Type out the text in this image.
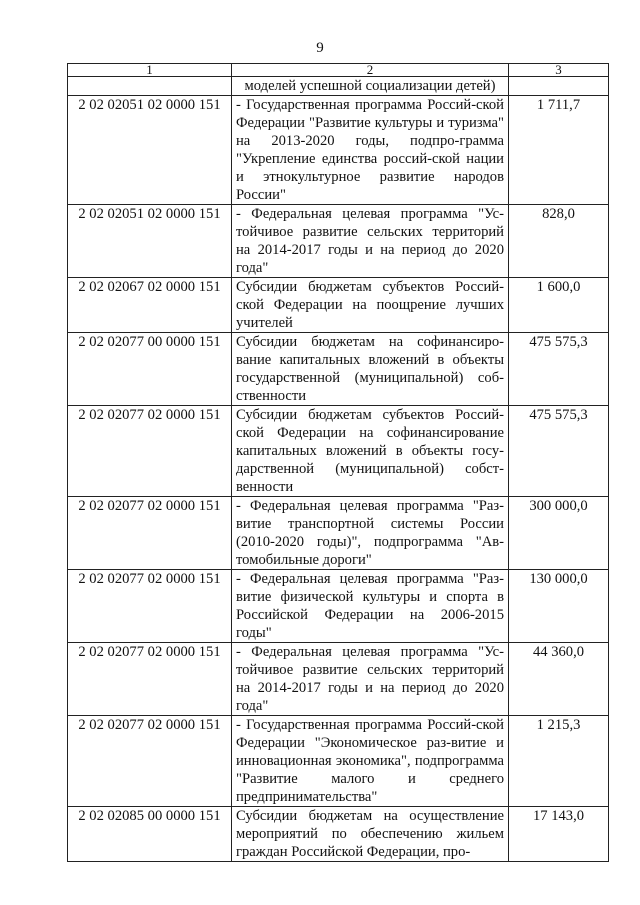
9
1	2	3
	моделей успешной социализации детей)	
2 02 02051 02 0000 151	- Государственная программа Россий-ской Федерации "Развитие культуры и туризма" на 2013-2020 годы, подпро-грамма "Укрепление единства россий-ской нации и этнокультурное развитие народов России"	1 711,7
2 02 02051 02 0000 151	- Федеральная целевая программа "Ус-тойчивое развитие сельских территорий на 2014-2017 годы и на период до 2020 года"	828,0
2 02 02067 02 0000 151	Субсидии бюджетам субъектов Россий-ской Федерации на поощрение лучших учителей	1 600,0
2 02 02077 00 0000 151	Субсидии бюджетам на софинансиро-вание капитальных вложений в объекты государственной (муниципальной) соб-ственности	475 575,3
2 02 02077 02 0000 151	Субсидии бюджетам субъектов Россий-ской Федерации на софинансирование капитальных вложений в объекты госу-дарственной (муниципальной) собст-венности	475 575,3
2 02 02077 02 0000 151	- Федеральная целевая программа "Раз-витие транспортной системы России (2010-2020 годы)", подпрограмма "Ав-томобильные дороги"	300 000,0
2 02 02077 02 0000 151	- Федеральная целевая программа "Раз-витие физической культуры и спорта в Российской Федерации на 2006-2015 годы"	130 000,0
2 02 02077 02 0000 151	- Федеральная целевая программа "Ус-тойчивое развитие сельских территорий на 2014-2017 годы и на период до 2020 года"	44 360,0
2 02 02077 02 0000 151	- Государственная программа Россий-ской Федерации "Экономическое раз-витие и инновационная экономика", подпрограмма "Развитие малого и среднего предпринимательства"	1 215,3
2 02 02085 00 0000 151	Субсидии бюджетам на осуществление мероприятий по обеспечению жильем граждан Российской Федерации, про-	17 143,0
